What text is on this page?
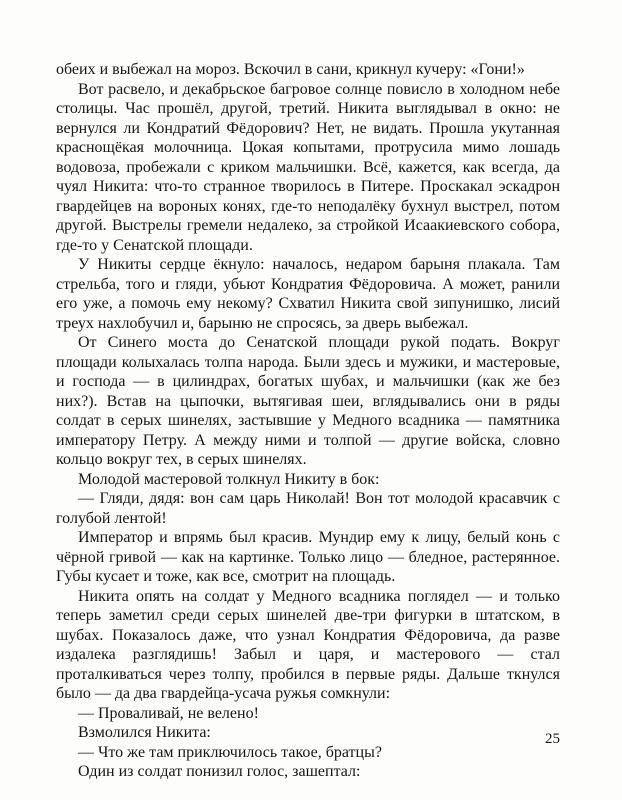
обеих и выбежал на мороз. Вскочил в сани, крикнул кучеру: «Гони!»

Вот расвело, и декабрьское багровое солнце повисло в холодном небе столицы. Час прошёл, другой, третий. Никита выглядывал в окно: не вернулся ли Кондратий Фёдорович? Нет, не видать. Прошла укутанная краснощёкая молочница. Цокая копытами, протрусила мимо лошадь водовоза, пробежали с криком мальчишки. Всё, кажется, как всегда, да чуял Никита: что-то странное творилось в Питере. Проскакал эскадрон гвардейцев на вороных конях, где-то неподалёку бухнул выстрел, потом другой. Выстрелы гремели недалеко, за стройкой Исаакиевского собора, где-то у Сенатской площади.

У Никиты сердце ёкнуло: началось, недаром барыня плакала. Там стрельба, того и гляди, убьют Кондратия Фёдоровича. А может, ранили его уже, а помочь ему некому? Схватил Никита свой зипунишко, лисий треух нахлобучил и, барыню не спросясь, за дверь выбежал.

От Синего моста до Сенатской площади рукой подать. Вокруг площади колыхалась толпа народа. Были здесь и мужики, и мастеровые, и господа — в цилиндрах, богатых шубах, и мальчишки (как же без них?). Встав на цыпочки, вытягивая шеи, вглядывались они в ряды солдат в серых шинелях, застывшие у Медного всадника — памятника императору Петру. А между ними и толпой — другие войска, словно кольцо вокруг тех, в серых шинелях.

Молодой мастеровой толкнул Никиту в бок:

— Гляди, дядя: вон сам царь Николай! Вон тот молодой красавчик с голубой лентой!

Император и впрямь был красив. Мундир ему к лицу, белый конь с чёрной гривой — как на картинке. Только лицо — бледное, растерянное. Губы кусает и тоже, как все, смотрит на площадь.

Никита опять на солдат у Медного всадника поглядел — и только теперь заметил среди серых шинелей две-три фигурки в штатском, в шубах. Показалось даже, что узнал Кондратия Фёдоровича, да разве издалека разглядишь! Забыл и царя, и мастерового — стал проталкиваться через толпу, пробился в первые ряды. Дальше ткнулся было — да два гвардейца-усача ружья сомкнули:

— Проваливай, не велено!

Взмолился Никита:

— Что же там приключилось такое, братцы?

Один из солдат понизил голос, зашептал:

25
